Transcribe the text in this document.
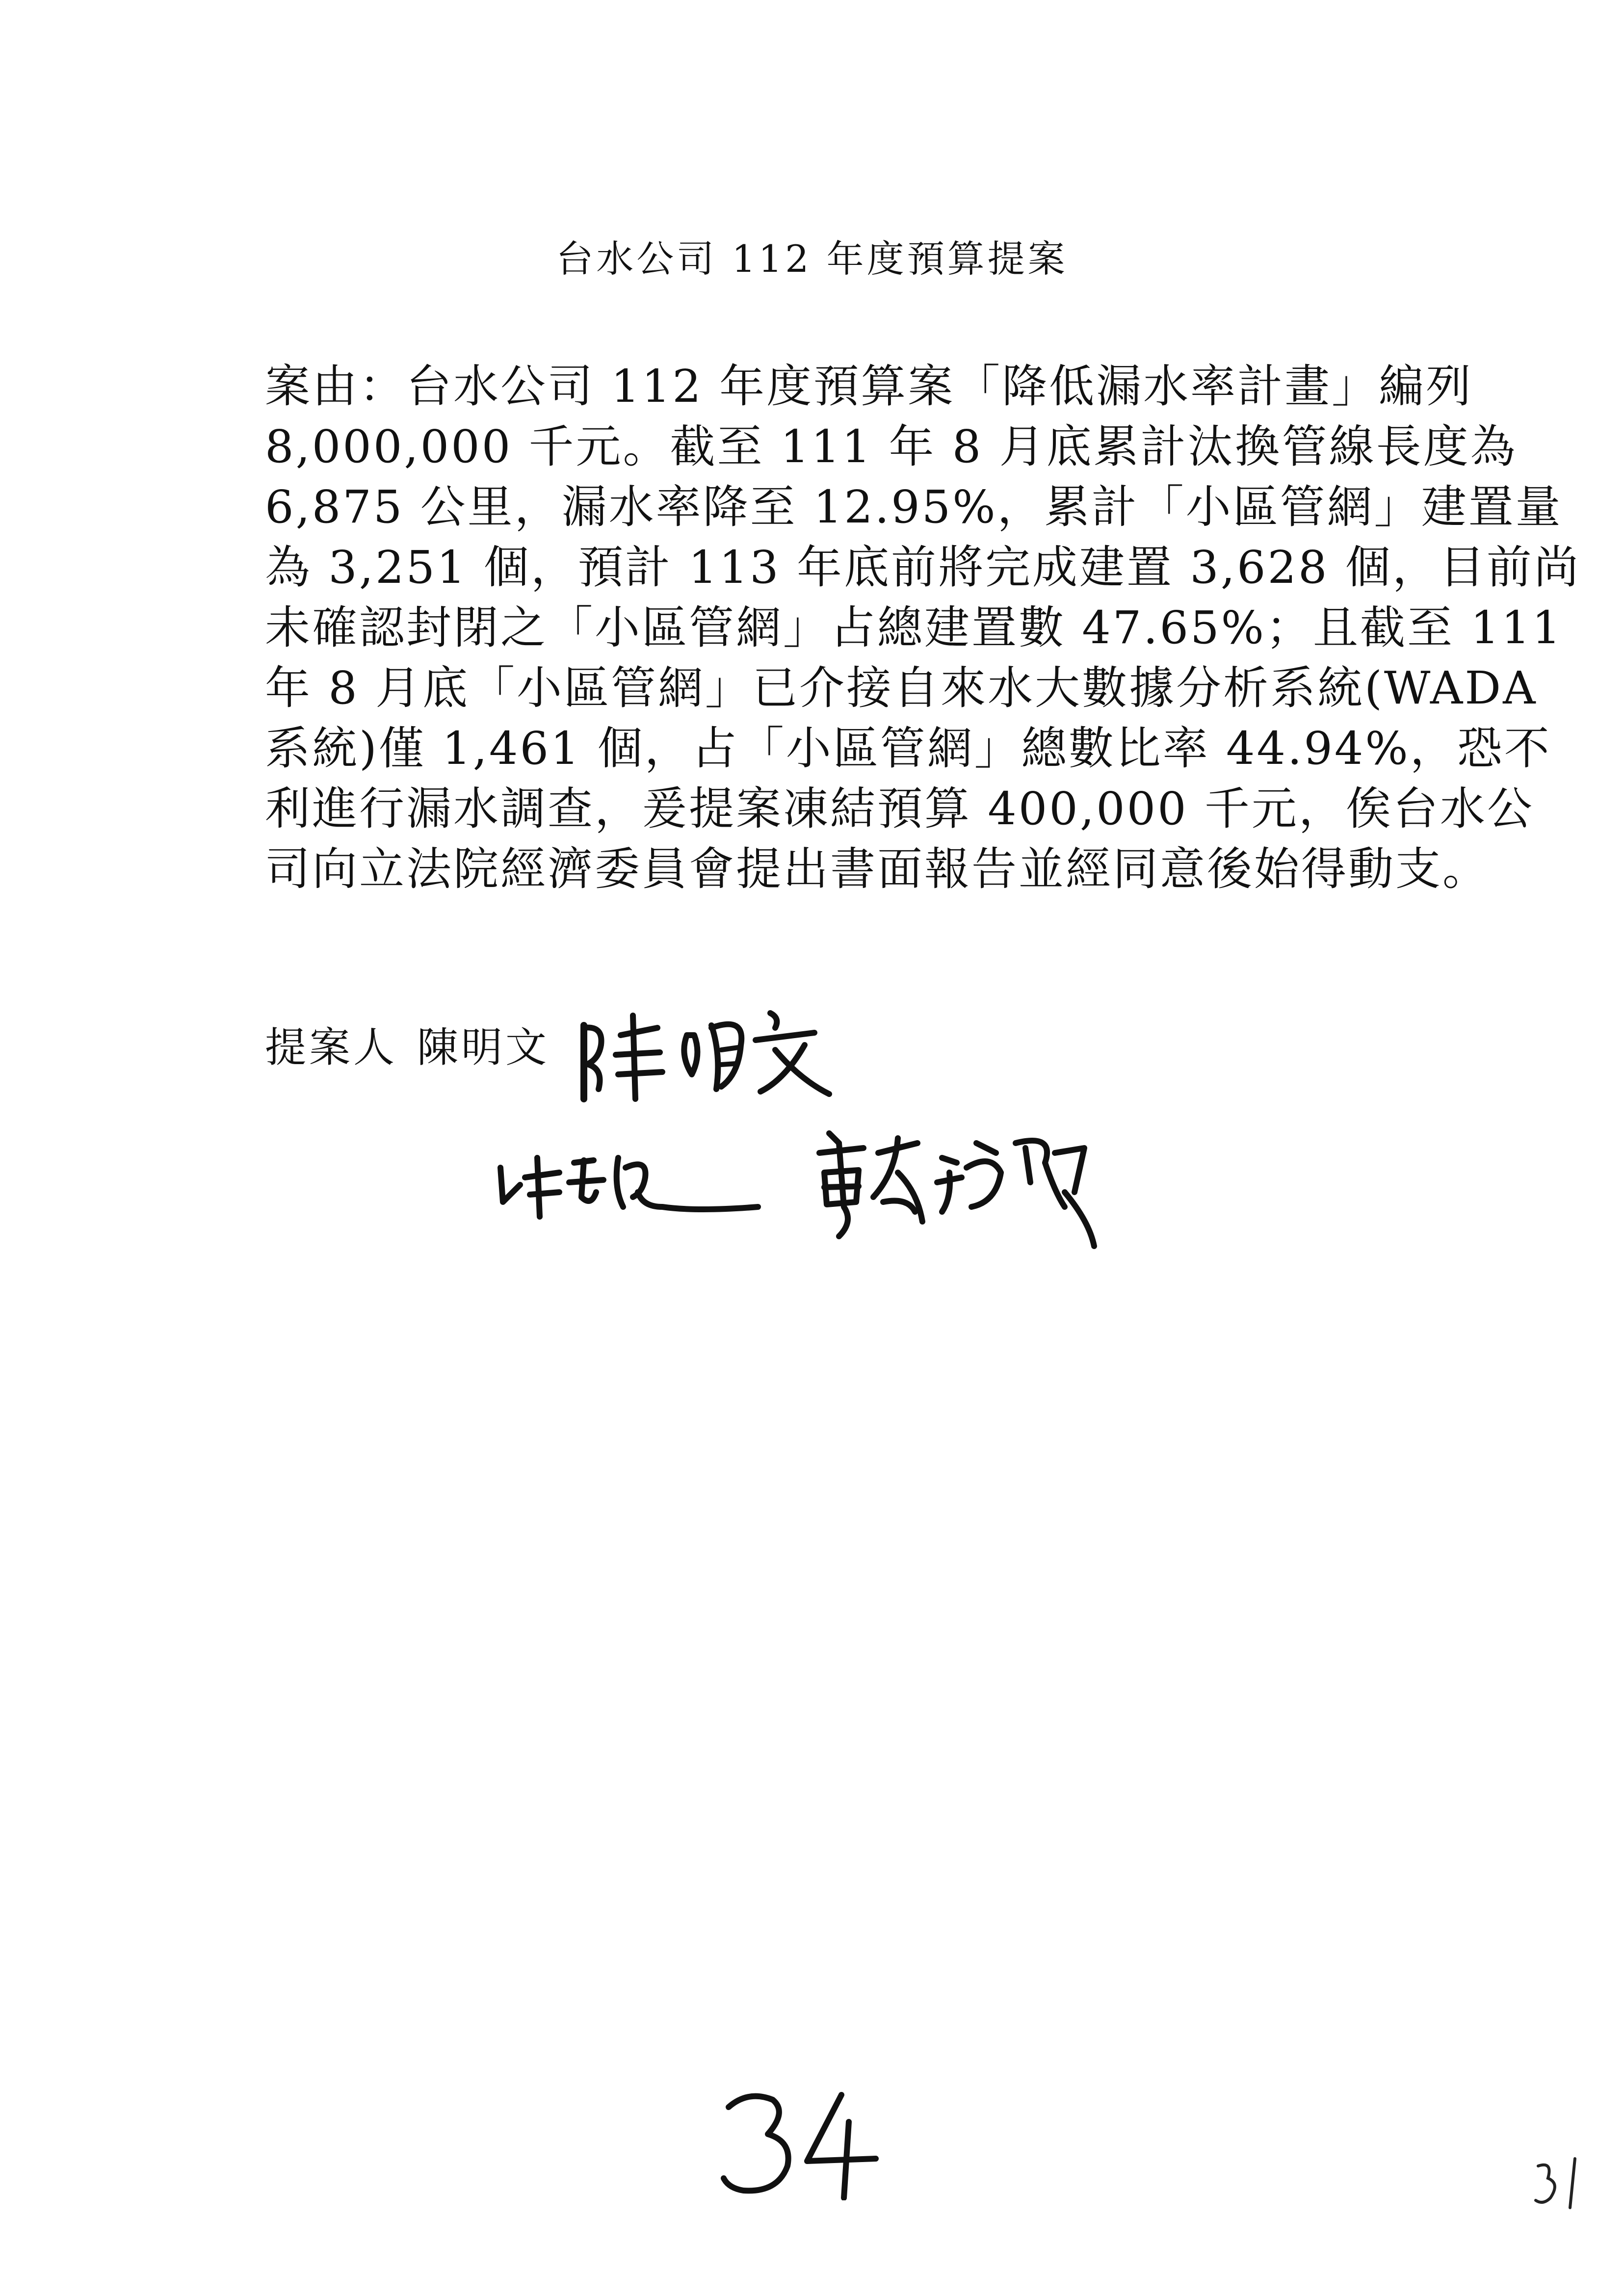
台水公司 112 年度預算提案
案由：台水公司 112 年度預算案「降低漏水率計畫」編列
8,000,000 千元。截至 111 年 8 月底累計汰換管線長度為
6,875 公里，漏水率降至 12.95%，累計「小區管網」建置量
為 3,251 個，預計 113 年底前將完成建置 3,628 個，目前尚
未確認封閉之「小區管網」占總建置數 47.65%；且截至 111
年 8 月底「小區管網」已介接自來水大數據分析系統(WADA
系統)僅 1,461 個，占「小區管網」總數比率 44.94%，恐不
利進行漏水調查，爰提案凍結預算 400,000 千元，俟台水公
司向立法院經濟委員會提出書面報告並經同意後始得動支。
提案人 陳明文
